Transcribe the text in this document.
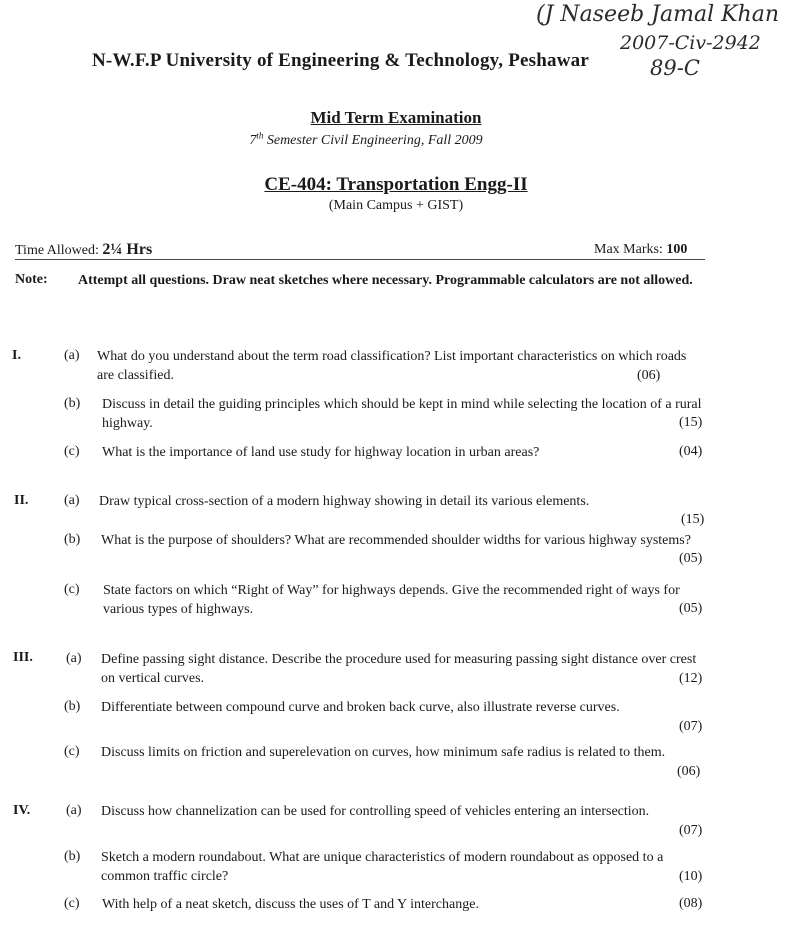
(J Naseeb Jamal Khan
2007-Civ-2942
89-C
N-W.F.P University of Engineering & Technology, Peshawar
Mid Term Examination
7th Semester Civil Engineering, Fall 2009
CE-404: Transportation Engg-II
(Main Campus + GIST)
Time Allowed: 2¼ Hrs	Max Marks: 100
Note: Attempt all questions. Draw neat sketches where necessary. Programmable calculators are not allowed.
I.	(a) What do you understand about the term road classification? List important characteristics on which roads are classified.	(06)
(b) Discuss in detail the guiding principles which should be kept in mind while selecting the location of a rural highway.	(15)
(c) What is the importance of land use study for highway location in urban areas?	(04)
II.	(a) Draw typical cross-section of a modern highway showing in detail its various elements.
(15)
(b) What is the purpose of shoulders? What are recommended shoulder widths for various highway systems?
(05)
(c) State factors on which “Right of Way” for highways depends. Give the recommended right of ways for various types of highways.	(05)
III. (a) Define passing sight distance. Describe the procedure used for measuring passing sight distance over crest on vertical curves.	(12)
(b) Differentiate between compound curve and broken back curve, also illustrate reverse curves.
(07)
(c) Discuss limits on friction and superelevation on curves, how minimum safe radius is related to them.
(06)
IV.	(a) Discuss how channelization can be used for controlling speed of vehicles entering an intersection.
(07)
(b) Sketch a modern roundabout. What are unique characteristics of modern roundabout as opposed to a common traffic circle?	(10)
(c) With help of a neat sketch, discuss the uses of T and Y interchange.	(08)
